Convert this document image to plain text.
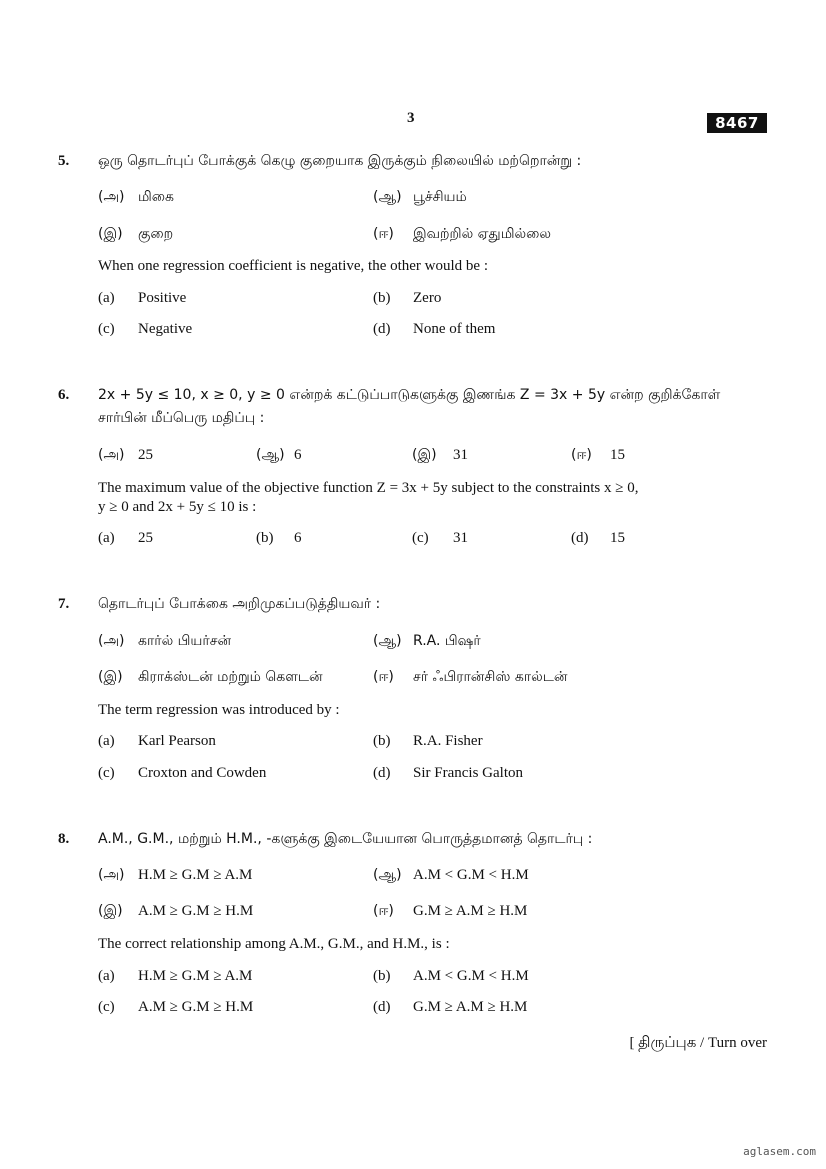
3	8467
5. ஒரு தொடர்புப் போக்குக் கெழு குறையாக இருக்கும் நிலையில் மற்றொன்று :
(அ) மிகை	(ஆ) பூச்சியம்
(இ) குறை	(ஈ) இவற்றில் ஏதுமில்லை
When one regression coefficient is negative, the other would be :
(a) Positive	(b) Zero
(c) Negative	(d) None of them
6. 2x + 5y ≤ 10, x ≥ 0, y ≥ 0 என்றக் கட்டுப்பாடுகளுக்கு இணங்க Z = 3x + 5y என்ற குறிக்கோள்
சார்பின் மீப்பெரு மதிப்பு :
(அ) 25	(ஆ) 6	(இ) 31	(ஈ) 15
The maximum value of the objective function Z = 3x + 5y subject to the constraints x ≥ 0,
y ≥ 0 and 2x + 5y ≤ 10 is :
(a) 25	(b) 6	(c) 31	(d) 15
7. தொடர்புப் போக்கை அறிமுகப்படுத்தியவர் :
(அ) கார்ல் பியர்சன்	(ஆ) R.A. பிஷர்
(இ) கிராக்ஸ்டன் மற்றும் கௌடன்	(ஈ) சர் ஃபிரான்சிஸ் கால்டன்
The term regression was introduced by :
(a) Karl Pearson	(b) R.A. Fisher
(c) Croxton and Cowden	(d) Sir Francis Galton
8. A.M., G.M., மற்றும் H.M., -களுக்கு இடையேயான பொருத்தமானத் தொடர்பு :
(அ) H.M ≥ G.M ≥ A.M	(ஆ) A.M < G.M < H.M
(இ) A.M ≥ G.M ≥ H.M	(ஈ) G.M ≥ A.M ≥ H.M
The correct relationship among A.M., G.M., and H.M., is :
(a) H.M ≥ G.M ≥ A.M	(b) A.M < G.M < H.M
(c) A.M ≥ G.M ≥ H.M	(d) G.M ≥ A.M ≥ H.M
[ திருப்புக / Turn over
aglasem.com
